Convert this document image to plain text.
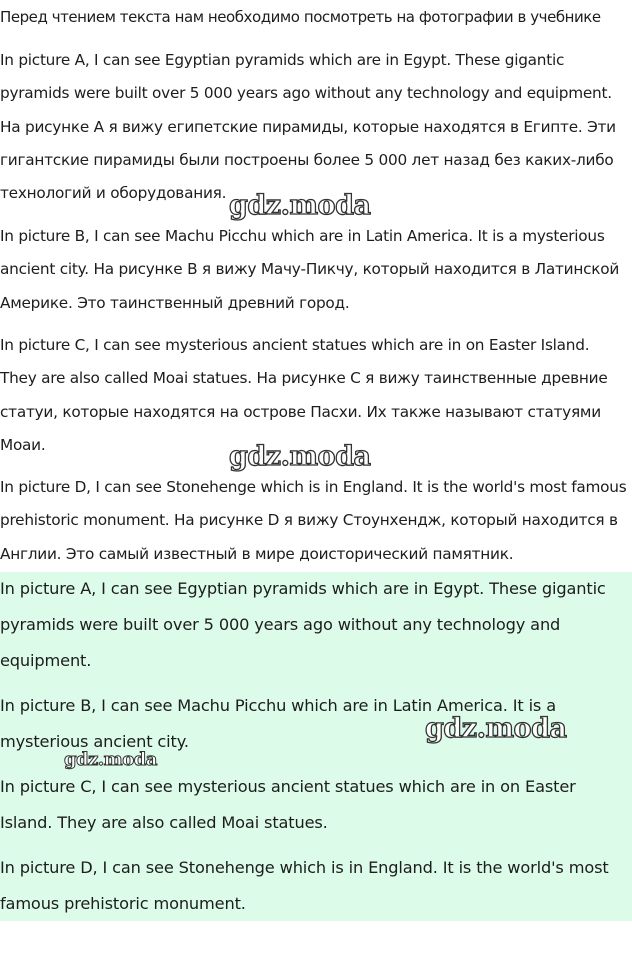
Перед чтением текста нам необходимо посмотреть на фотографии в учебнике

In picture A, I can see Egyptian pyramids which are in Egypt. These gigantic pyramids were built over 5 000 years ago without any technology and equipment. На рисунке A я вижу египетские пирамиды, которые находятся в Египте. Эти гигантские пирамиды были построены более 5 000 лет назад без каких-либо технологий и оборудования.

In picture B, I can see Machu Picchu which are in Latin America. It is a mysterious ancient city. На рисунке B я вижу Мачу-Пикчу, который находится в Латинской Америке. Это таинственный древний город.

In picture C, I can see mysterious ancient statues which are in on Easter Island. They are also called Moai statues. На рисунке C я вижу таинственные древние статуи, которые находятся на острове Пасхи. Их также называют статуями Моаи.

In picture D, I can see Stonehenge which is in England. It is the world's most famous prehistoric monument. На рисунке D я вижу Стоунхендж, который находится в Англии. Это самый известный в мире доисторический памятник.

In picture A, I can see Egyptian pyramids which are in Egypt. These gigantic pyramids were built over 5 000 years ago without any technology and equipment.

In picture B, I can see Machu Picchu which are in Latin America. It is a mysterious ancient city.

In picture C, I can see mysterious ancient statues which are in on Easter Island. They are also called Moai statues.

In picture D, I can see Stonehenge which is in England. It is the world's most famous prehistoric monument.

gdz.moda
gdz.moda
gdz.moda
gdz.moda
